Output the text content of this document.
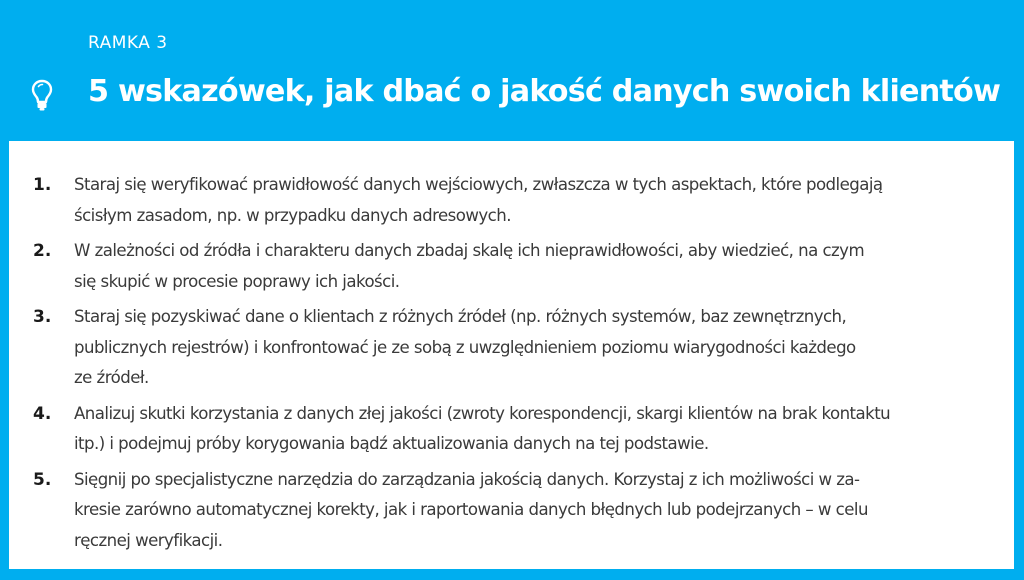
RAMKA 3
5 wskazówek, jak dbać o jakość danych swoich klientów
1. Staraj się weryfikować prawidłowość danych wejściowych, zwłaszcza w tych aspektach, które podlegają
ścisłym zasadom, np. w przypadku danych adresowych.
2. W zależności od źródła i charakteru danych zbadaj skalę ich nieprawidłowości, aby wiedzieć, na czym
się skupić w procesie poprawy ich jakości.
3. Staraj się pozyskiwać dane o klientach z różnych źródeł (np. różnych systemów, baz zewnętrznych,
publicznych rejestrów) i konfrontować je ze sobą z uwzględnieniem poziomu wiarygodności każdego
ze źródeł.
4. Analizuj skutki korzystania z danych złej jakości (zwroty korespondencji, skargi klientów na brak kontaktu
itp.) i podejmuj próby korygowania bądź aktualizowania danych na tej podstawie.
5. Sięgnij po specjalistyczne narzędzia do zarządzania jakością danych. Korzystaj z ich możliwości w za-
kresie zarówno automatycznej korekty, jak i raportowania danych błędnych lub podejrzanych – w celu
ręcznej weryfikacji.
